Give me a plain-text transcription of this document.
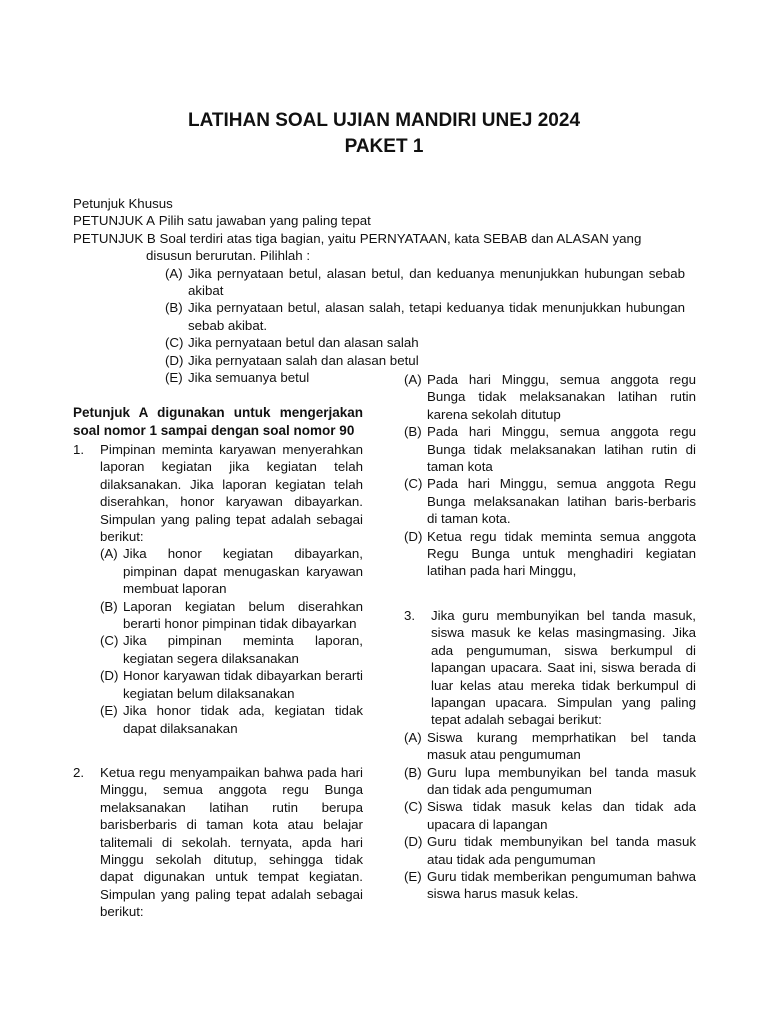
LATIHAN SOAL UJIAN MANDIRI UNEJ 2024
PAKET 1
Petunjuk Khusus
PETUNJUK A
Pilih satu jawaban yang paling tepat
PETUNJUK B
Soal terdiri atas tiga bagian, yaitu PERNYATAAN, kata SEBAB dan ALASAN yang
disusun berurutan. Pilihlah :
(A) Jika pernyataan betul, alasan betul, dan keduanya menunjukkan hubungan sebab akibat
(B) Jika pernyataan betul, alasan salah, tetapi keduanya tidak menunjukkan hubungan sebab akibat.
(C) Jika pernyataan betul dan alasan salah
(D) Jika pernyataan salah dan alasan betul
(E) Jika semuanya betul
Petunjuk A digunakan untuk mengerjakan soal nomor 1 sampai dengan soal nomor 90
1.	Pimpinan meminta karyawan menyerahkan laporan kegiatan jika kegiatan telah dilaksanakan. Jika laporan kegiatan telah diserahkan, honor karyawan dibayarkan. Simpulan yang paling tepat adalah sebagai berikut:
(A) Jika honor kegiatan dibayarkan, pimpinan dapat menugaskan karyawan membuat laporan
(B) Laporan kegiatan belum diserahkan berarti honor pimpinan tidak dibayarkan
(C) Jika pimpinan meminta laporan, kegiatan segera dilaksanakan
(D) Honor karyawan tidak dibayarkan berarti kegiatan belum dilaksanakan
(E) Jika honor tidak ada, kegiatan tidak dapat dilaksanakan
2.	Ketua regu menyampaikan bahwa pada hari Minggu, semua anggota regu Bunga melaksanakan latihan rutin berupa barisberbaris di taman kota atau belajar talitemali di sekolah. ternyata, apda hari Minggu sekolah ditutup, sehingga tidak dapat digunakan untuk tempat kegiatan. Simpulan yang paling tepat adalah sebagai berikut:
(A) Pada hari Minggu, semua anggota regu Bunga tidak melaksanakan latihan rutin karena sekolah ditutup
(B) Pada hari Minggu, semua anggota regu Bunga tidak melaksanakan latihan rutin di taman kota
(C) Pada hari Minggu, semua anggota Regu Bunga melaksanakan latihan baris-berbaris di taman kota.
(D) Ketua regu tidak meminta semua anggota Regu Bunga untuk menghadiri kegiatan latihan pada hari Minggu,
3.	Jika guru membunyikan bel tanda masuk, siswa masuk ke kelas masingmasing. Jika ada pengumuman, siswa berkumpul di lapangan upacara. Saat ini, siswa berada di luar kelas atau mereka tidak berkumpul di lapangan upacara. Simpulan yang paling tepat adalah sebagai berikut:
(A) Siswa kurang memprhatikan bel tanda masuk atau pengumuman
(B) Guru lupa membunyikan bel tanda masuk dan tidak ada pengumuman
(C) Siswa tidak masuk kelas dan tidak ada upacara di lapangan
(D) Guru tidak membunyikan bel tanda masuk atau tidak ada pengumuman
(E) Guru tidak memberikan pengumuman bahwa siswa harus masuk kelas.
